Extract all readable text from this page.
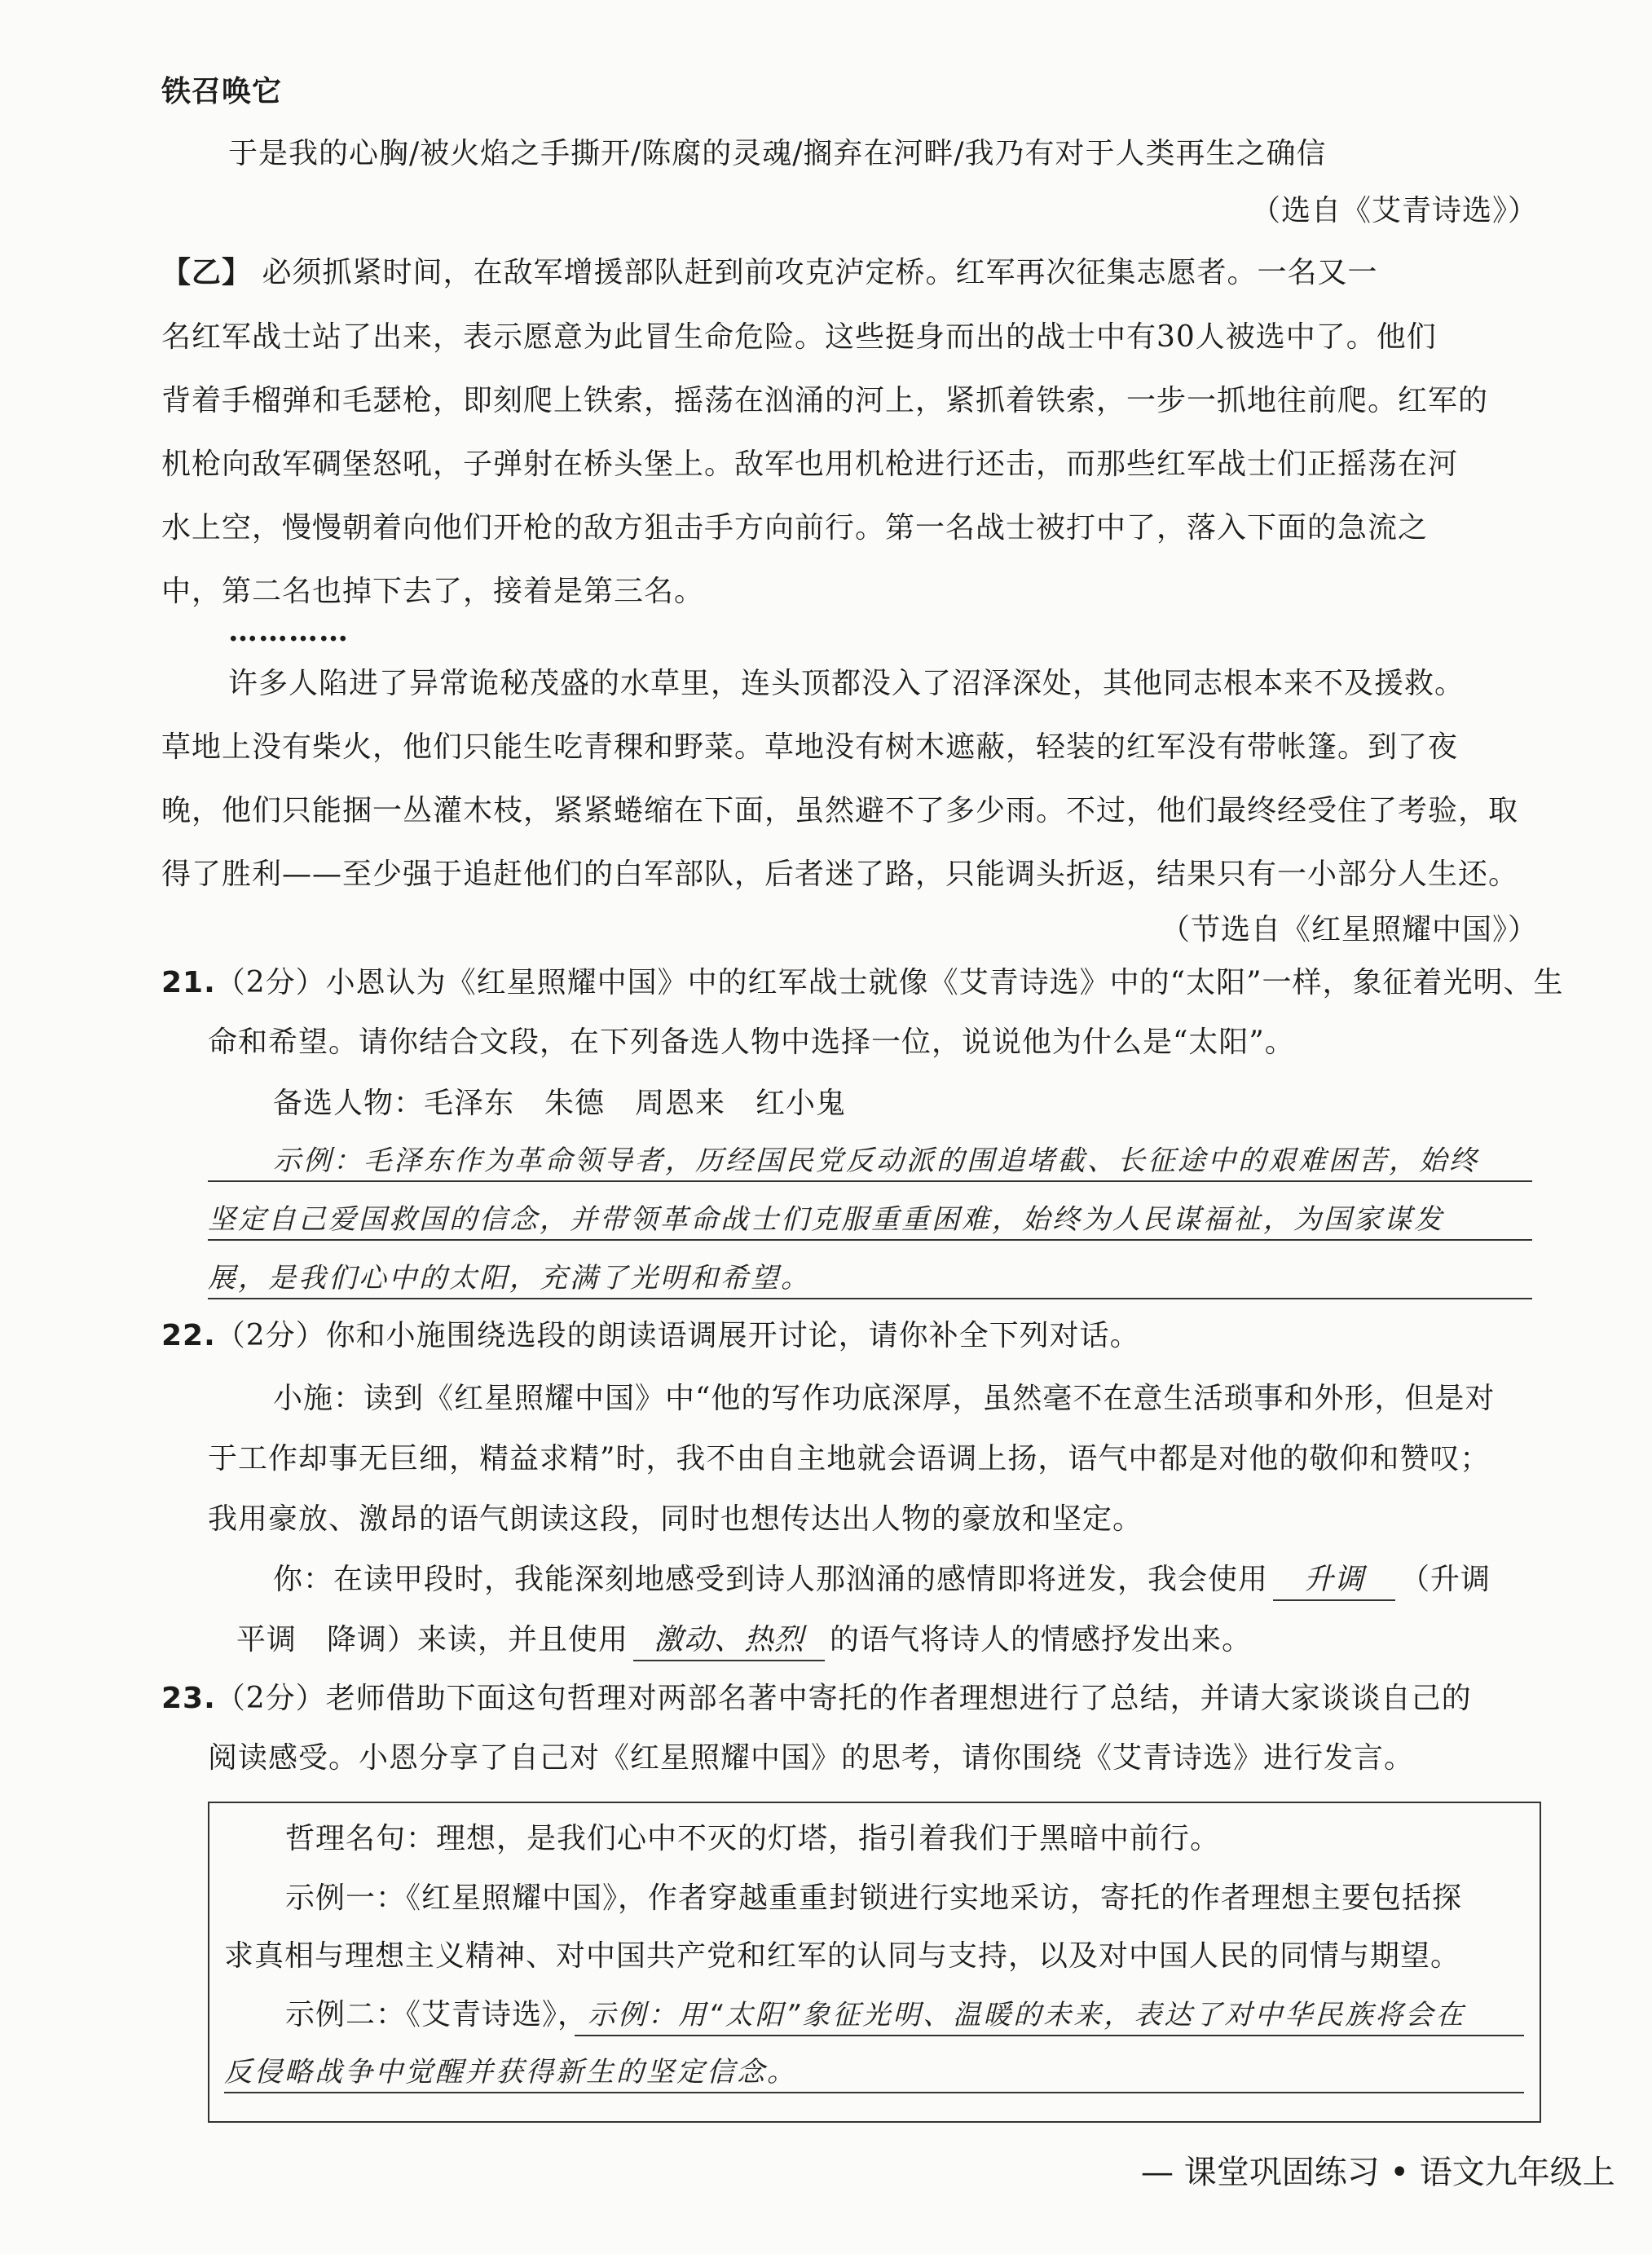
铁召唤它
于是我的心胸/被火焰之手撕开/陈腐的灵魂/搁弃在河畔/我乃有对于人类再生之确信
（选自《艾青诗选》）
【乙】 必须抓紧时间，在敌军增援部队赶到前攻克泸定桥。红军再次征集志愿者。一名又一
名红军战士站了出来，表示愿意为此冒生命危险。这些挺身而出的战士中有30人被选中了。他们
背着手榴弹和毛瑟枪，即刻爬上铁索，摇荡在汹涌的河上，紧抓着铁索，一步一抓地往前爬。红军的
机枪向敌军碉堡怒吼，子弹射在桥头堡上。敌军也用机枪进行还击，而那些红军战士们正摇荡在河
水上空，慢慢朝着向他们开枪的敌方狙击手方向前行。第一名战士被打中了，落入下面的急流之
中，第二名也掉下去了，接着是第三名。
…………
许多人陷进了异常诡秘茂盛的水草里，连头顶都没入了沼泽深处，其他同志根本来不及援救。
草地上没有柴火，他们只能生吃青稞和野菜。草地没有树木遮蔽，轻装的红军没有带帐篷。到了夜
晚，他们只能捆一丛灌木枝，紧紧蜷缩在下面，虽然避不了多少雨。不过，他们最终经受住了考验，取
得了胜利——至少强于追赶他们的白军部队，后者迷了路，只能调头折返，结果只有一小部分人生还。
（节选自《红星照耀中国》）
21.（2分）小恩认为《红星照耀中国》中的红军战士就像《艾青诗选》中的“太阳”一样，象征着光明、生
命和希望。请你结合文段，在下列备选人物中选择一位，说说他为什么是“太阳”。
备选人物：毛泽东　朱德　周恩来　红小鬼
示例：毛泽东作为革命领导者，历经国民党反动派的围追堵截、长征途中的艰难困苦，始终
坚定自己爱国救国的信念，并带领革命战士们克服重重困难，始终为人民谋福祉，为国家谋发
展，是我们心中的太阳，充满了光明和希望。
22.（2分）你和小施围绕选段的朗读语调展开讨论，请你补全下列对话。
小施：读到《红星照耀中国》中“他的写作功底深厚，虽然毫不在意生活琐事和外形，但是对
于工作却事无巨细，精益求精”时，我不由自主地就会语调上扬，语气中都是对他的敬仰和赞叹；
我用豪放、激昂的语气朗读这段，同时也想传达出人物的豪放和坚定。
你：在读甲段时，我能深刻地感受到诗人那汹涌的感情即将迸发，我会使用 升调 （升调
平调　降调）来读，并且使用 激动、热烈 的语气将诗人的情感抒发出来。
23.（2分）老师借助下面这句哲理对两部名著中寄托的作者理想进行了总结，并请大家谈谈自己的
阅读感受。小恩分享了自己对《红星照耀中国》的思考，请你围绕《艾青诗选》进行发言。
哲理名句：理想，是我们心中不灭的灯塔，指引着我们于黑暗中前行。
示例一：《红星照耀中国》，作者穿越重重封锁进行实地采访，寄托的作者理想主要包括探
求真相与理想主义精神、对中国共产党和红军的认同与支持，以及对中国人民的同情与期望。
示例二：《艾青诗选》，示例：用“太阳”象征光明、温暖的未来，表达了对中华民族将会在
反侵略战争中觉醒并获得新生的坚定信念。
— 课堂巩固练习 • 语文九年级上
